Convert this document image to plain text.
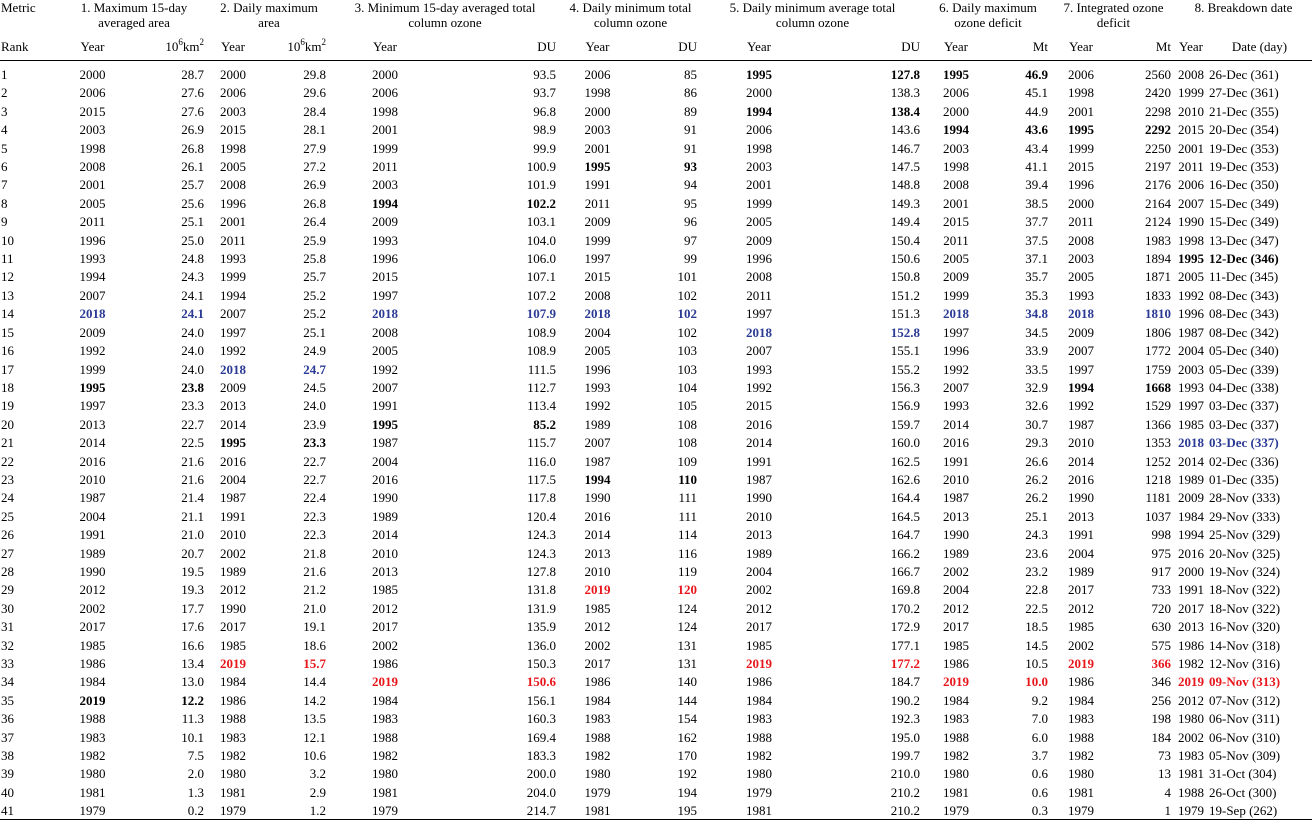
Metric	1. Maximum 15-day averaged area		2. Daily maximum area		3. Minimum 15-day averaged total column ozone		4. Daily minimum total column ozone		5. Daily minimum average total column ozone		6. Daily maximum ozone deficit		7. Integrated ozone deficit		8. Breakdown date	
Rank	Year	$10^6km^2$	Year	$10^6km^2$	Year	DU	Year	DU	Year	DU	Year	Mt	Year	Mt	Year	Date (day)
1	2000	28.7	2000	29.8	2000	93.5	2006	85	1995	127.8	1995	46.9	2006	2560	2008	26-Dec (361)
2	2006	27.6	2006	29.6	2006	93.7	1998	86	2000	138.3	2006	45.1	1998	2420	1999	27-Dec (361)
3	2015	27.6	2003	28.4	1998	96.8	2000	89	1994	138.4	2000	44.9	2001	2298	2010	21-Dec (355)
4	2003	26.9	2015	28.1	2001	98.9	2003	91	2006	143.6	1994	43.6	1995	2292	2015	20-Dec (354)
5	1998	26.8	1998	27.9	1999	99.9	2001	91	1998	146.7	2003	43.4	1999	2250	2001	19-Dec (353)
6	2008	26.1	2005	27.2	2011	100.9	1995	93	2003	147.5	1998	41.1	2015	2197	2011	19-Dec (353)
7	2001	25.7	2008	26.9	2003	101.9	1991	94	2001	148.8	2008	39.4	1996	2176	2006	16-Dec (350)
8	2005	25.6	1996	26.8	1994	102.2	2011	95	1999	149.3	2001	38.5	2000	2164	2007	15-Dec (349)
9	2011	25.1	2001	26.4	2009	103.1	2009	96	2005	149.4	2015	37.7	2011	2124	1990	15-Dec (349)
10	1996	25.0	2011	25.9	1993	104.0	1999	97	2009	150.4	2011	37.5	2008	1983	1998	13-Dec (347)
11	1993	24.8	1993	25.8	1996	106.0	1997	99	1996	150.6	2005	37.1	2003	1894	1995	12-Dec (346)
12	1994	24.3	1999	25.7	2015	107.1	2015	101	2008	150.8	2009	35.7	2005	1871	2005	11-Dec (345)
13	2007	24.1	1994	25.2	1997	107.2	2008	102	2011	151.2	1999	35.3	1993	1833	1992	08-Dec (343)
14	2018	24.1	2007	25.2	2018	107.9	2018	102	1997	151.3	2018	34.8	2018	1810	1996	08-Dec (343)
15	2009	24.0	1997	25.1	2008	108.9	2004	102	2018	152.8	1997	34.5	2009	1806	1987	08-Dec (342)
16	1992	24.0	1992	24.9	2005	108.9	2005	103	2007	155.1	1996	33.9	2007	1772	2004	05-Dec (340)
17	1999	24.0	2018	24.7	1992	111.5	1996	103	1993	155.2	1992	33.5	1997	1759	2003	05-Dec (339)
18	1995	23.8	2009	24.5	2007	112.7	1993	104	1992	156.3	2007	32.9	1994	1668	1993	04-Dec (338)
19	1997	23.3	2013	24.0	1991	113.4	1992	105	2015	156.9	1993	32.6	1992	1529	1997	03-Dec (337)
20	2013	22.7	2014	23.9	1995	85.2	1989	108	2016	159.7	2014	30.7	1987	1366	1985	03-Dec (337)
21	2014	22.5	1995	23.3	1987	115.7	2007	108	2014	160.0	2016	29.3	2010	1353	2018	03-Dec (337)
22	2016	21.6	2016	22.7	2004	116.0	1987	109	1991	162.5	1991	26.6	2014	1252	2014	02-Dec (336)
23	2010	21.6	2004	22.7	2016	117.5	1994	110	1987	162.6	2010	26.2	2016	1218	1989	01-Dec (335)
24	1987	21.4	1987	22.4	1990	117.8	1990	111	1990	164.4	1987	26.2	1990	1181	2009	28-Nov (333)
25	2004	21.1	1991	22.3	1989	120.4	2016	111	2010	164.5	2013	25.1	2013	1037	1984	29-Nov (333)
26	1991	21.0	2010	22.3	2014	124.3	2014	114	2013	164.7	1990	24.3	1991	998	1994	25-Nov (329)
27	1989	20.7	2002	21.8	2010	124.3	2013	116	1989	166.2	1989	23.6	2004	975	2016	20-Nov (325)
28	1990	19.5	1989	21.6	2013	127.8	2010	119	2004	166.7	2002	23.2	1989	917	2000	19-Nov (324)
29	2012	19.3	2012	21.2	1985	131.8	2019	120	2002	169.8	2004	22.8	2017	733	1991	18-Nov (322)
30	2002	17.7	1990	21.0	2012	131.9	1985	124	2012	170.2	2012	22.5	2012	720	2017	18-Nov (322)
31	2017	17.6	2017	19.1	2017	135.9	2012	124	2017	172.9	2017	18.5	1985	630	2013	16-Nov (320)
32	1985	16.6	1985	18.6	2002	136.0	2002	131	1985	177.1	1985	14.5	2002	575	1986	14-Nov (318)
33	1986	13.4	2019	15.7	1986	150.3	2017	131	2019	177.2	1986	10.5	2019	366	1982	12-Nov (316)
34	1984	13.0	1984	14.4	2019	150.6	1986	140	1986	184.7	2019	10.0	1986	346	2019	09-Nov (313)
35	2019	12.2	1986	14.2	1984	156.1	1984	144	1984	190.2	1984	9.2	1984	256	2012	07-Nov (312)
36	1988	11.3	1988	13.5	1983	160.3	1983	154	1983	192.3	1983	7.0	1983	198	1980	06-Nov (311)
37	1983	10.1	1983	12.1	1988	169.4	1988	162	1988	195.0	1988	6.0	1988	184	2002	06-Nov (310)
38	1982	7.5	1982	10.6	1982	183.3	1982	170	1982	199.7	1982	3.7	1982	73	1983	05-Nov (309)
39	1980	2.0	1980	3.2	1980	200.0	1980	192	1980	210.0	1980	0.6	1980	13	1981	31-Oct (304)
40	1981	1.3	1981	2.9	1981	204.0	1979	194	1979	210.2	1981	0.6	1981	4	1988	26-Oct (300)
41	1979	0.2	1979	1.2	1979	214.7	1981	195	1981	210.2	1979	0.3	1979	1	1979	19-Sep (262)
